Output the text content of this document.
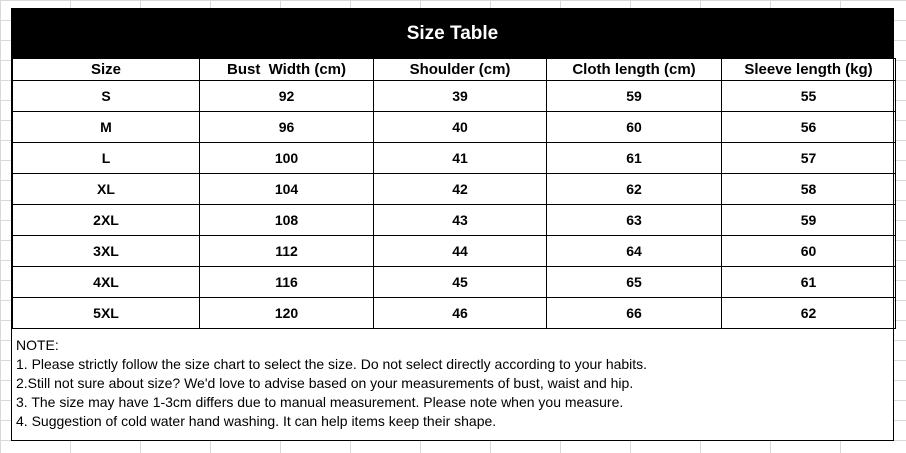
Size Table
Size	Bust  Width (cm)	Shoulder (cm)	Cloth length (cm)	Sleeve length (kg)
S	92	39	59	55
M	96	40	60	56
L	100	41	61	57
XL	104	42	62	58
2XL	108	43	63	59
3XL	112	44	64	60
4XL	116	45	65	61
5XL	120	46	66	62
NOTE:
1. Please strictly follow the size chart to select the size. Do not select directly according to your habits.
2.Still not sure about size? We'd love to advise based on your measurements of bust, waist and hip.
3. The size may have 1-3cm differs due to manual measurement. Please note when you measure.
4. Suggestion of cold water hand washing. It can help items keep their shape.
